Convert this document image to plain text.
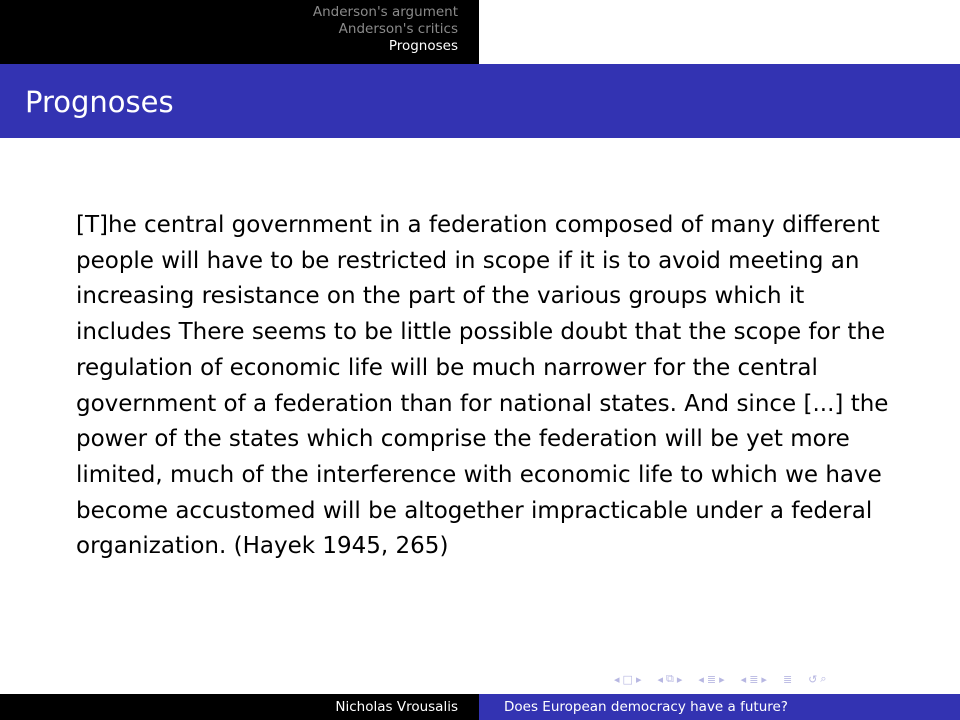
Anderson's argument
Anderson's critics
Prognoses
Prognoses

[T]he central government in a federation composed of many different people will have to be restricted in scope if it is to avoid meeting an increasing resistance on the part of the various groups which it includes There seems to be little possible doubt that the scope for the regulation of economic life will be much narrower for the central government of a federation than for national states. And since [...] the power of the states which comprise the federation will be yet more limited, much of the interference with economic life to which we have become accustomed will be altogether impracticable under a federal organization. (Hayek 1945, 265)

◂ □ ▸ ◂ ⧉ ▸ ◂ ≣ ▸ ◂ ≣ ▸ ≣ ↺ ⌕
Nicholas Vrousalis	Does European democracy have a future?
